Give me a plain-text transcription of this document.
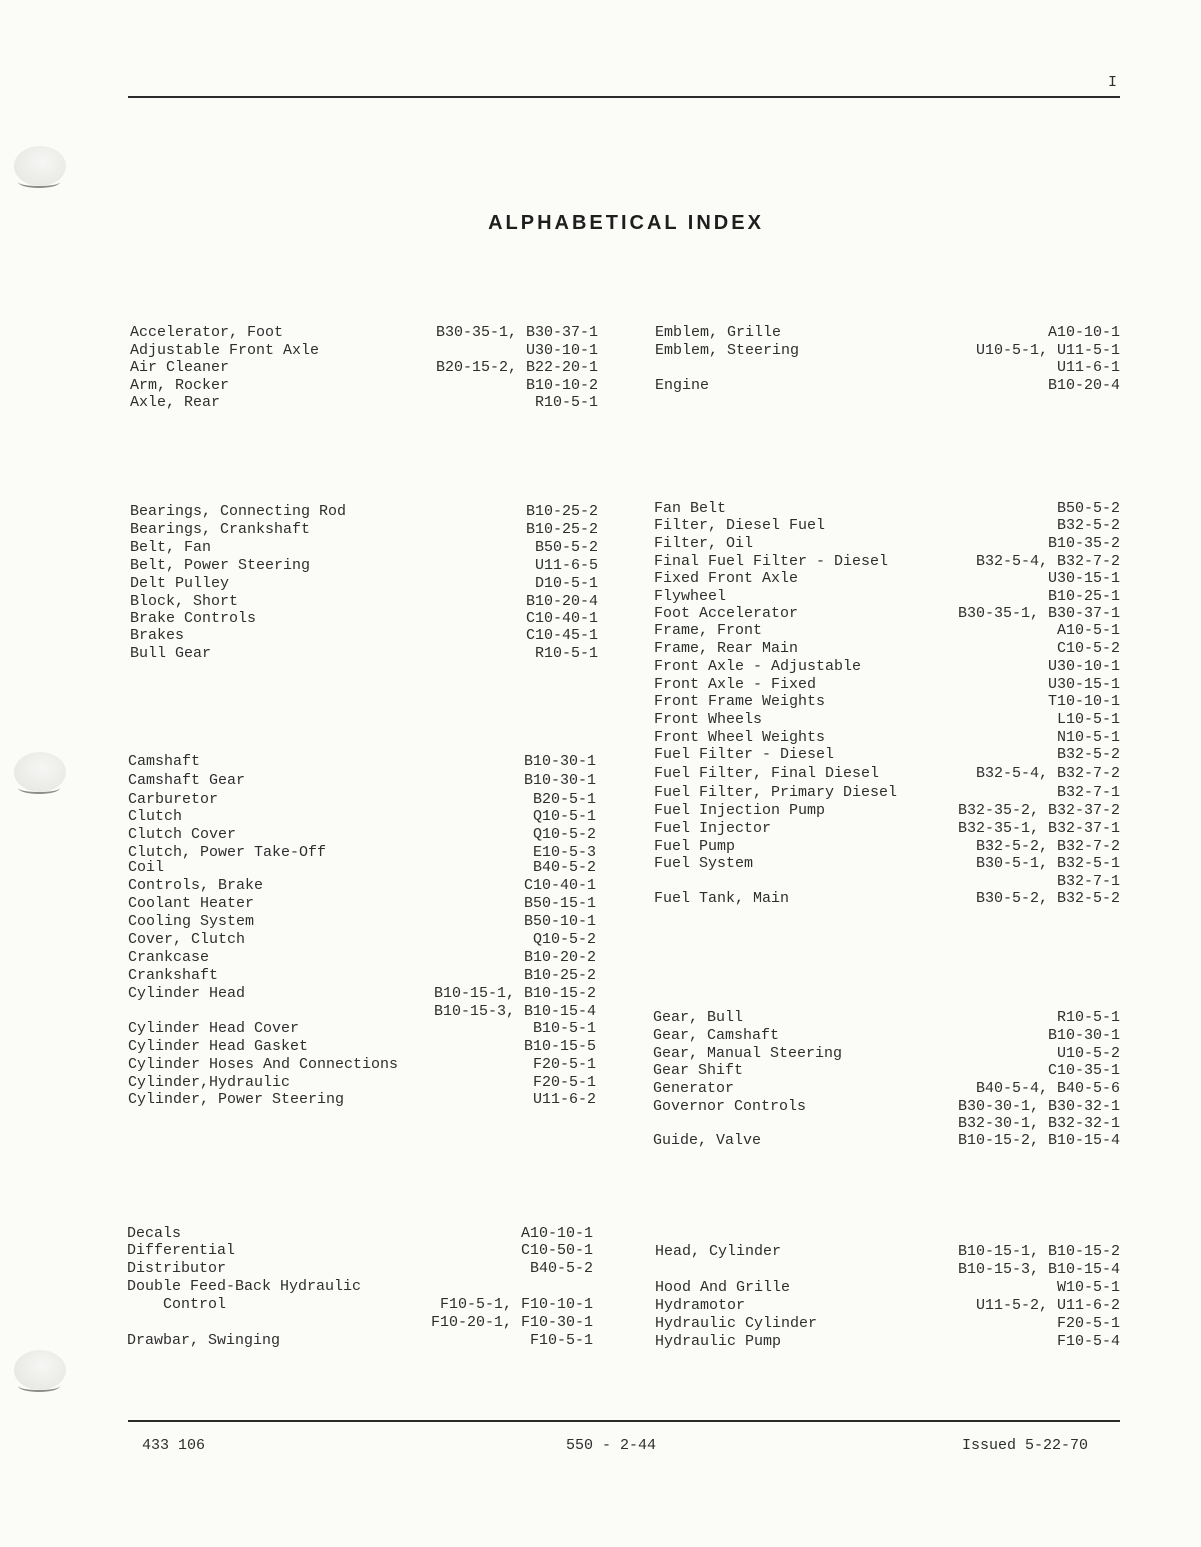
I
ALPHABETICAL INDEX
Accelerator, Foot	B30-35-1, B30-37-1
Adjustable Front Axle	U30-10-1
Air Cleaner	B20-15-2, B22-20-1
Arm, Rocker	B10-10-2
Axle, Rear	R10-5-1
Emblem, Grille	A10-10-1
Emblem, Steering	U10-5-1, U11-5-1
U11-6-1
Engine	B10-20-4
Bearings, Connecting Rod	B10-25-2
Bearings, Crankshaft	B10-25-2
Belt, Fan	B50-5-2
Belt, Power Steering	U11-6-5
Delt Pulley	D10-5-1
Block, Short	B10-20-4
Brake Controls	C10-40-1
Brakes	C10-45-1
Bull Gear	R10-5-1
Fan Belt	B50-5-2
Filter, Diesel Fuel	B32-5-2
Filter, Oil	B10-35-2
Final Fuel Filter - Diesel	B32-5-4, B32-7-2
Fixed Front Axle	U30-15-1
Flywheel	B10-25-1
Foot Accelerator	B30-35-1, B30-37-1
Frame, Front	A10-5-1
Frame, Rear Main	C10-5-2
Front Axle - Adjustable	U30-10-1
Front Axle - Fixed	U30-15-1
Front Frame Weights	T10-10-1
Front Wheels	L10-5-1
Front Wheel Weights	N10-5-1
Fuel Filter - Diesel	B32-5-2
Fuel Filter, Final Diesel	B32-5-4, B32-7-2
Fuel Filter, Primary Diesel	B32-7-1
Fuel Injection Pump	B32-35-2, B32-37-2
Fuel Injector	B32-35-1, B32-37-1
Fuel Pump	B32-5-2, B32-7-2
Fuel System	B30-5-1, B32-5-1
B32-7-1
Fuel Tank, Main	B30-5-2, B32-5-2
Camshaft	B10-30-1
Camshaft Gear	B10-30-1
Carburetor	B20-5-1
Clutch	Q10-5-1
Clutch Cover	Q10-5-2
Clutch, Power Take-Off	E10-5-3
Coil	B40-5-2
Controls, Brake	C10-40-1
Coolant Heater	B50-15-1
Cooling System	B50-10-1
Cover, Clutch	Q10-5-2
Crankcase	B10-20-2
Crankshaft	B10-25-2
Cylinder Head	B10-15-1, B10-15-2
B10-15-3, B10-15-4
Cylinder Head Cover	B10-5-1
Cylinder Head Gasket	B10-15-5
Cylinder Hoses And Connections	F20-5-1
Cylinder,Hydraulic	F20-5-1
Cylinder, Power Steering	U11-6-2
Gear, Bull	R10-5-1
Gear, Camshaft	B10-30-1
Gear, Manual Steering	U10-5-2
Gear Shift	C10-35-1
Generator	B40-5-4, B40-5-6
Governor Controls	B30-30-1, B30-32-1
B32-30-1, B32-32-1
Guide, Valve	B10-15-2, B10-15-4
Decals	A10-10-1
Differential	C10-50-1
Distributor	B40-5-2
Double Feed-Back Hydraulic
Control	F10-5-1, F10-10-1
F10-20-1, F10-30-1
Drawbar, Swinging	F10-5-1
Head, Cylinder	B10-15-1, B10-15-2
B10-15-3, B10-15-4
Hood And Grille	W10-5-1
Hydramotor	U11-5-2, U11-6-2
Hydraulic Cylinder	F20-5-1
Hydraulic Pump	F10-5-4
433 106	550 - 2-44	Issued 5-22-70
